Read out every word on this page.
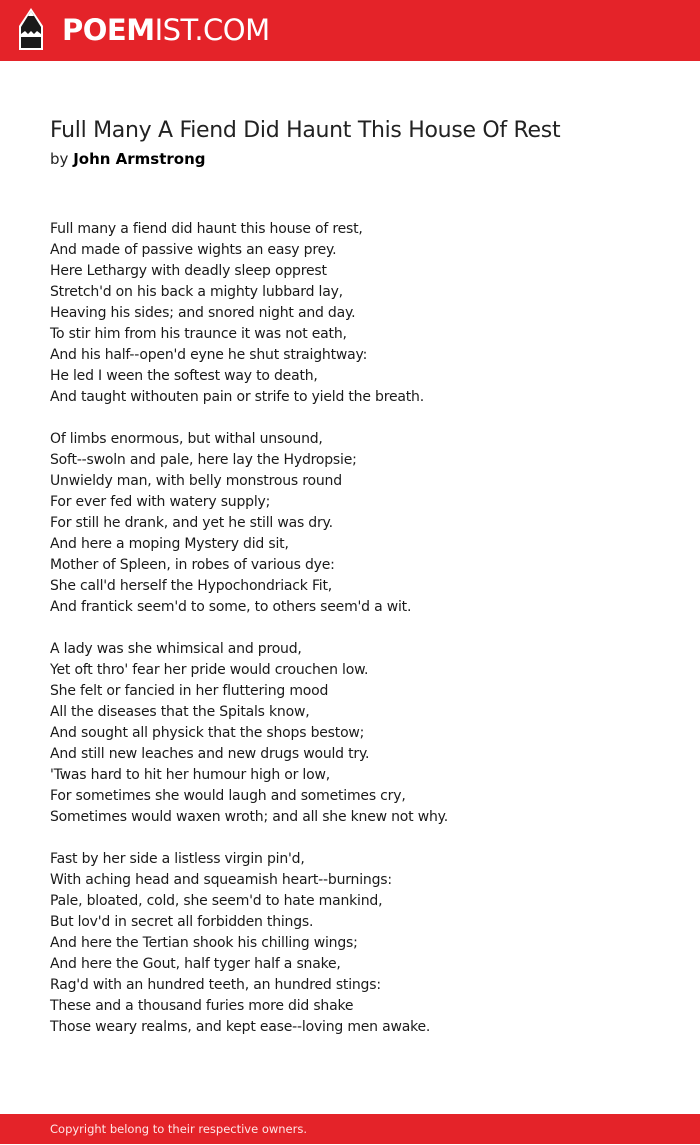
POEMIST.COM
Full Many A Fiend Did Haunt This House Of Rest
by John Armstrong
Full many a fiend did haunt this house of rest,
And made of passive wights an easy prey.
Here Lethargy with deadly sleep opprest
Stretch'd on his back a mighty lubbard lay,
Heaving his sides; and snored night and day.
To stir him from his traunce it was not eath,
And his half--open'd eyne he shut straightway:
He led I ween the softest way to death,
And taught withouten pain or strife to yield the breath.
Of limbs enormous, but withal unsound,
Soft--swoln and pale, here lay the Hydropsie;
Unwieldy man, with belly monstrous round
For ever fed with watery supply;
For still he drank, and yet he still was dry.
And here a moping Mystery did sit,
Mother of Spleen, in robes of various dye:
She call'd herself the Hypochondriack Fit,
And frantick seem'd to some, to others seem'd a wit.
A lady was she whimsical and proud,
Yet oft thro' fear her pride would crouchen low.
She felt or fancied in her fluttering mood
All the diseases that the Spitals know,
And sought all physick that the shops bestow;
And still new leaches and new drugs would try.
'Twas hard to hit her humour high or low,
For sometimes she would laugh and sometimes cry,
Sometimes would waxen wroth; and all she knew not why.
Fast by her side a listless virgin pin'd,
With aching head and squeamish heart--burnings:
Pale, bloated, cold, she seem'd to hate mankind,
But lov'd in secret all forbidden things.
And here the Tertian shook his chilling wings;
And here the Gout, half tyger half a snake,
Rag'd with an hundred teeth, an hundred stings:
These and a thousand furies more did shake
Those weary realms, and kept ease--loving men awake.
Copyright belong to their respective owners.
